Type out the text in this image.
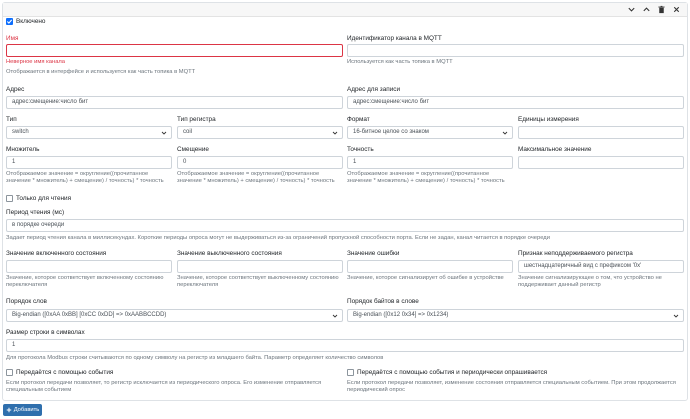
Включено
Имя
Неверное имя канала
Отображается в интерфейсе и используется как часть топика в MQTT
Идентификатор канала в MQTT
Используется как часть топика в MQTT
Адрес
адрес:смещение:число бит
Адрес для записи
адрес:смещение:число бит
Тип
switch
Тип регистра
coil
Формат
16-битное целое со знаком
Единицы измерения
Множитель
1
Отображаемое значение = округление((прочитанное значение * множитель) + смещение) / точность) * точность
Смещение
0
Отображаемое значение = округление((прочитанное значение * множитель) + смещение) / точность) * точность
Точность
1
Отображаемое значение = округление((прочитанное значение * множитель) + смещение) / точность) * точность
Максимальное значение
Только для чтения
Период чтения (мс)
в порядке очереди
Задает период чтения канала в миллисекундах. Короткие периоды опроса могут не выдерживаться из-за ограничений пропускной способности порта. Если не задан, канал читается в порядке очереди
Значение включенного состояния
Значение, которое соответствует включенному состоянию переключателя
Значение выключенного состояния
Значение, которое соответствует выключенному состоянию переключателя
Значение ошибки
Значение, которое сигнализирует об ошибке в устройстве
Признак неподдерживаемого регистра
шестнадцатеричный вид с префиксом '0x'
Значение сигнализирующее о том, что устройство не поддерживает данный регистр
Порядок слов
Big-endian ([0xAA 0xBB] [0xCC 0xDD] => 0xAABBCCDD)
Порядок байтов в слове
Big-endian ([0x12 0x34] => 0x1234)
Размер строки в символах
1
Для протокола Modbus строки считываются по одному символу на регистр из младшего байта. Параметр определяет количество символов
Передаётся с помощью события
Если протокол передачи позволяет, то регистр исключается из периодического опроса. Его изменение отправляется специальным событием
Передаётся с помощью события и периодически опрашивается
Если протокол передачи позволяет, изменение состояния отправляется специальным событием. При этом продолжается периодический опрос
Добавить
